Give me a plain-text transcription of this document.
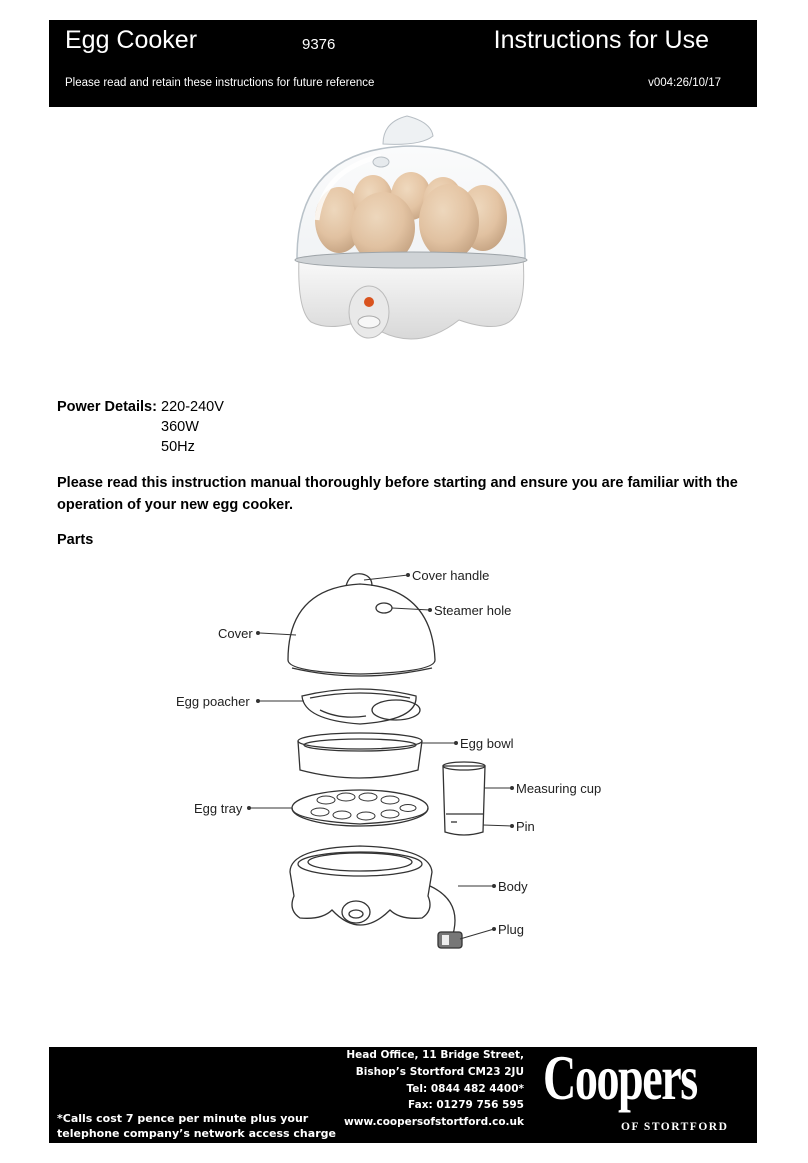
Egg Cooker	9376	Instructions for Use
Please read and retain these instructions for future reference	v004:26/10/17
Power Details: 220-240V
360W
50Hz
Please read this instruction manual thoroughly before starting and ensure you are familiar with the operation of your new egg cooker.
Parts
Cover handle
Steamer hole
Cover
Egg poacher
Egg bowl
Measuring cup
Egg tray
Pin
Body
Plug
Head Office, 11 Bridge Street,
Bishop’s Stortford CM23 2JU
Tel: 0844 482 4400*
Fax: 01279 756 595
www.coopersofstortford.co.uk
*Calls cost 7 pence per minute plus your
telephone company’s network access charge
Coopers
OF STORTFORD
